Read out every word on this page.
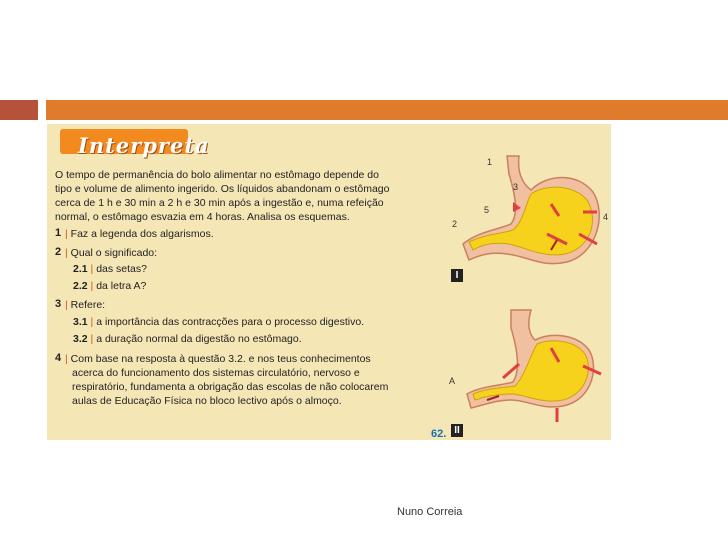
Interpreta
O tempo de permanência do bolo alimentar no estômago depende do
tipo e volume de alimento ingerido. Os líquidos abandonam o estômago
cerca de 1 h e 30 min a 2 h e 30 min após a ingestão e, numa refeição
normal, o estômago esvazia em 4 horas. Analisa os esquemas.
1 | Faz a legenda dos algarismos.
2 | Qual o significado:
2.1 | das setas?
2.2 | da letra A?
3 | Refere:
3.1 | a importância das contracções para o processo digestivo.
3.2 | a duração normal da digestão no estômago.
4 | Com base na resposta à questão 3.2. e nos teus conhecimentos
acerca do funcionamento dos sistemas circulatório, nervoso e
respiratório, fundamenta a obrigação das escolas de não colocarem
aulas de Educação Física no bloco lectivo após o almoço.
1
2
3
4
5
I
A
62. II
Nuno Correia
